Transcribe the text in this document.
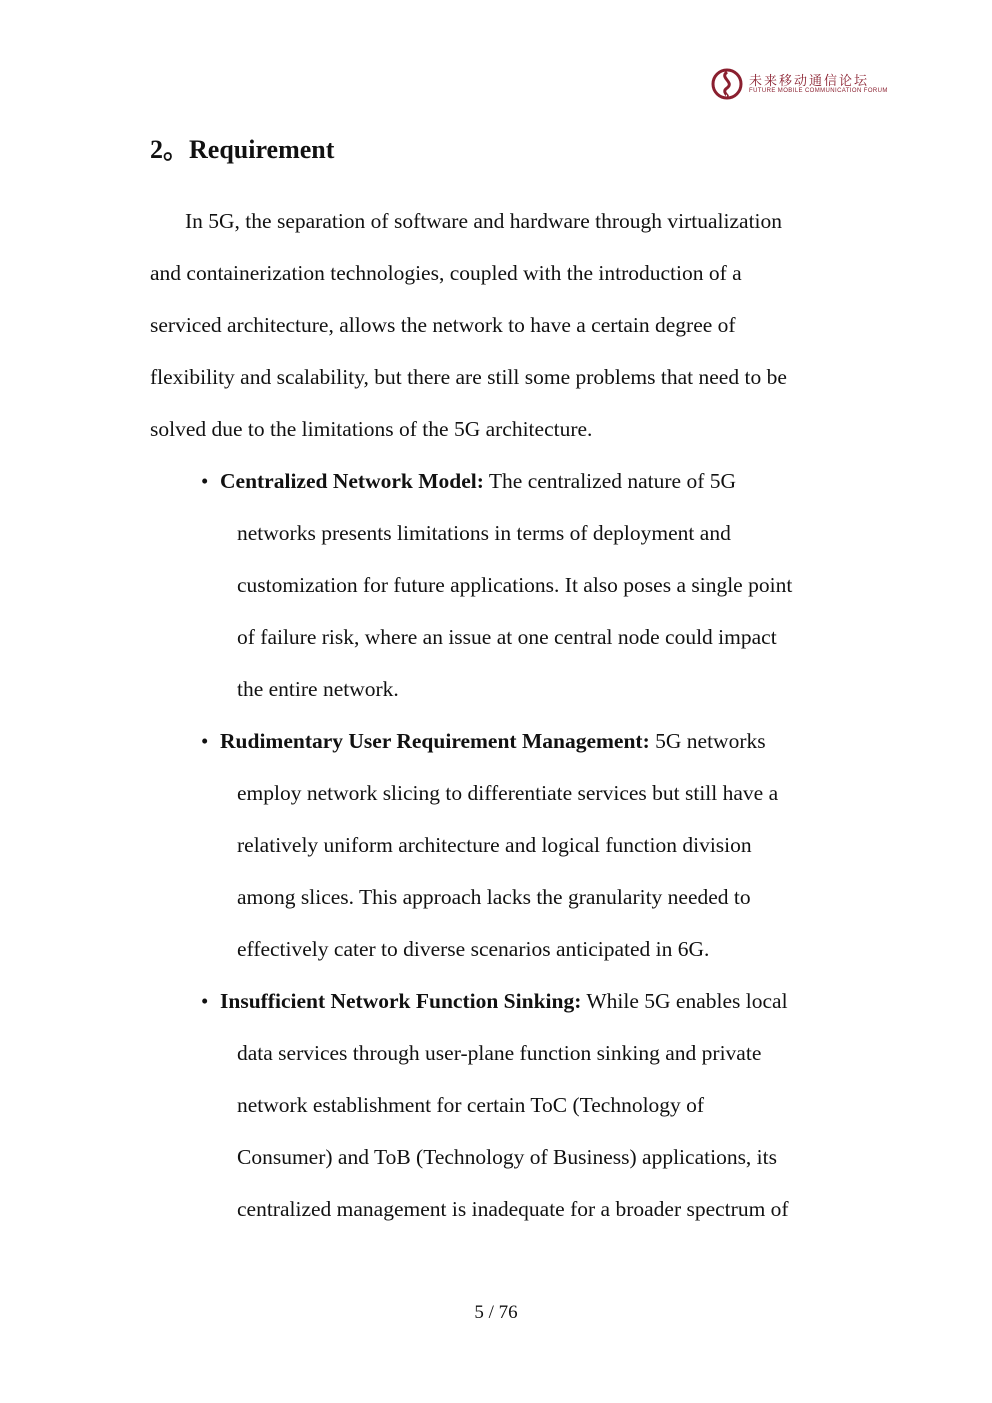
未来移动通信论坛
FUTURE MOBILE COMMUNICATION FORUM
2。Requirement
In 5G, the separation of software and hardware through virtualization
and containerization technologies, coupled with the introduction of a
serviced architecture, allows the network to have a certain degree of
flexibility and scalability, but there are still some problems that need to be
solved due to the limitations of the 5G architecture.
• Centralized Network Model: The centralized nature of 5G
networks presents limitations in terms of deployment and
customization for future applications. It also poses a single point
of failure risk, where an issue at one central node could impact
the entire network.
• Rudimentary User Requirement Management: 5G networks
employ network slicing to differentiate services but still have a
relatively uniform architecture and logical function division
among slices. This approach lacks the granularity needed to
effectively cater to diverse scenarios anticipated in 6G.
• Insufficient Network Function Sinking: While 5G enables local
data services through user-plane function sinking and private
network establishment for certain ToC (Technology of
Consumer) and ToB (Technology of Business) applications, its
centralized management is inadequate for a broader spectrum of
5 / 76
